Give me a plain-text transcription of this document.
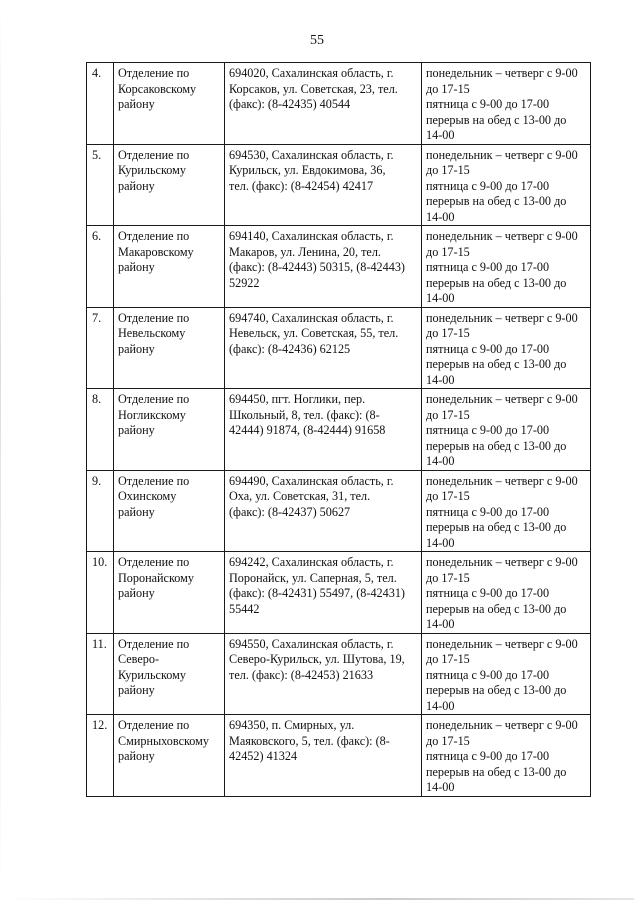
55
4.	Отделение по
Корсаковскому
району	694020, Сахалинская область, г.
Корсаков, ул. Советская, 23, тел.
(факс): (8-42435) 40544	понедельник – четверг с 9-00
до 17-15
пятница с 9-00 до 17-00
перерыв на обед с 13-00 до
14-00

5.	Отделение по
Курильскому
району	694530, Сахалинская область, г.
Курильск, ул. Евдокимова, 36,
тел. (факс): (8-42454) 42417	понедельник – четверг с 9-00
до 17-15
пятница с 9-00 до 17-00
перерыв на обед с 13-00 до
14-00

6.	Отделение по
Макаровскому
району	694140, Сахалинская область, г.
Макаров, ул. Ленина, 20, тел.
(факс): (8-42443) 50315, (8-42443)
52922	понедельник – четверг с 9-00
до 17-15
пятница с 9-00 до 17-00
перерыв на обед с 13-00 до
14-00

7.	Отделение по
Невельскому
району	694740, Сахалинская область, г.
Невельск, ул. Советская, 55, тел.
(факс): (8-42436) 62125	понедельник – четверг с 9-00
до 17-15
пятница с 9-00 до 17-00
перерыв на обед с 13-00 до
14-00

8.	Отделение по
Ногликскому
району	694450, пгт. Ноглики, пер.
Школьный, 8, тел. (факс): (8-
42444) 91874, (8-42444) 91658	понедельник – четверг с 9-00
до 17-15
пятница с 9-00 до 17-00
перерыв на обед с 13-00 до
14-00

9.	Отделение по
Охинскому
району	694490, Сахалинская область, г.
Оха, ул. Советская, 31, тел.
(факс): (8-42437) 50627	понедельник – четверг с 9-00
до 17-15
пятница с 9-00 до 17-00
перерыв на обед с 13-00 до
14-00

10.	Отделение по
Поронайскому
району	694242, Сахалинская область, г.
Поронайск, ул. Саперная, 5, тел.
(факс): (8-42431) 55497, (8-42431)
55442	понедельник – четверг с 9-00
до 17-15
пятница с 9-00 до 17-00
перерыв на обед с 13-00 до
14-00

11.	Отделение по
Северо-
Курильскому
району	694550, Сахалинская область, г.
Северо-Курильск, ул. Шутова, 19,
тел. (факс): (8-42453) 21633	понедельник – четверг с 9-00
до 17-15
пятница с 9-00 до 17-00
перерыв на обед с 13-00 до
14-00

12.	Отделение по
Смирныховскому
району	694350, п. Смирных, ул.
Маяковского, 5, тел. (факс): (8-
42452) 41324	понедельник – четверг с 9-00
до 17-15
пятница с 9-00 до 17-00
перерыв на обед с 13-00 до
14-00
